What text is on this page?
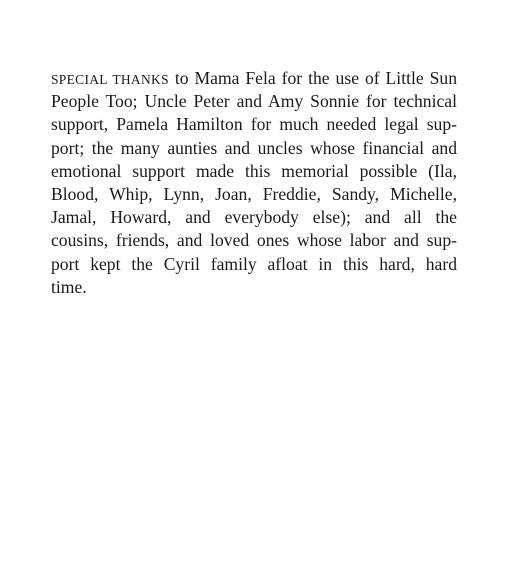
SPECIAL THANKS to Mama Fela for the use of Little Sun
People Too; Uncle Peter and Amy Sonnie for technical
support, Pamela Hamilton for much needed legal sup-
port; the many aunties and uncles whose financial and
emotional support made this memorial possible (Ila,
Blood, Whip, Lynn, Joan, Freddie, Sandy, Michelle,
Jamal, Howard, and everybody else); and all the
cousins, friends, and loved ones whose labor and sup-
port kept the Cyril family afloat in this hard, hard
time.
